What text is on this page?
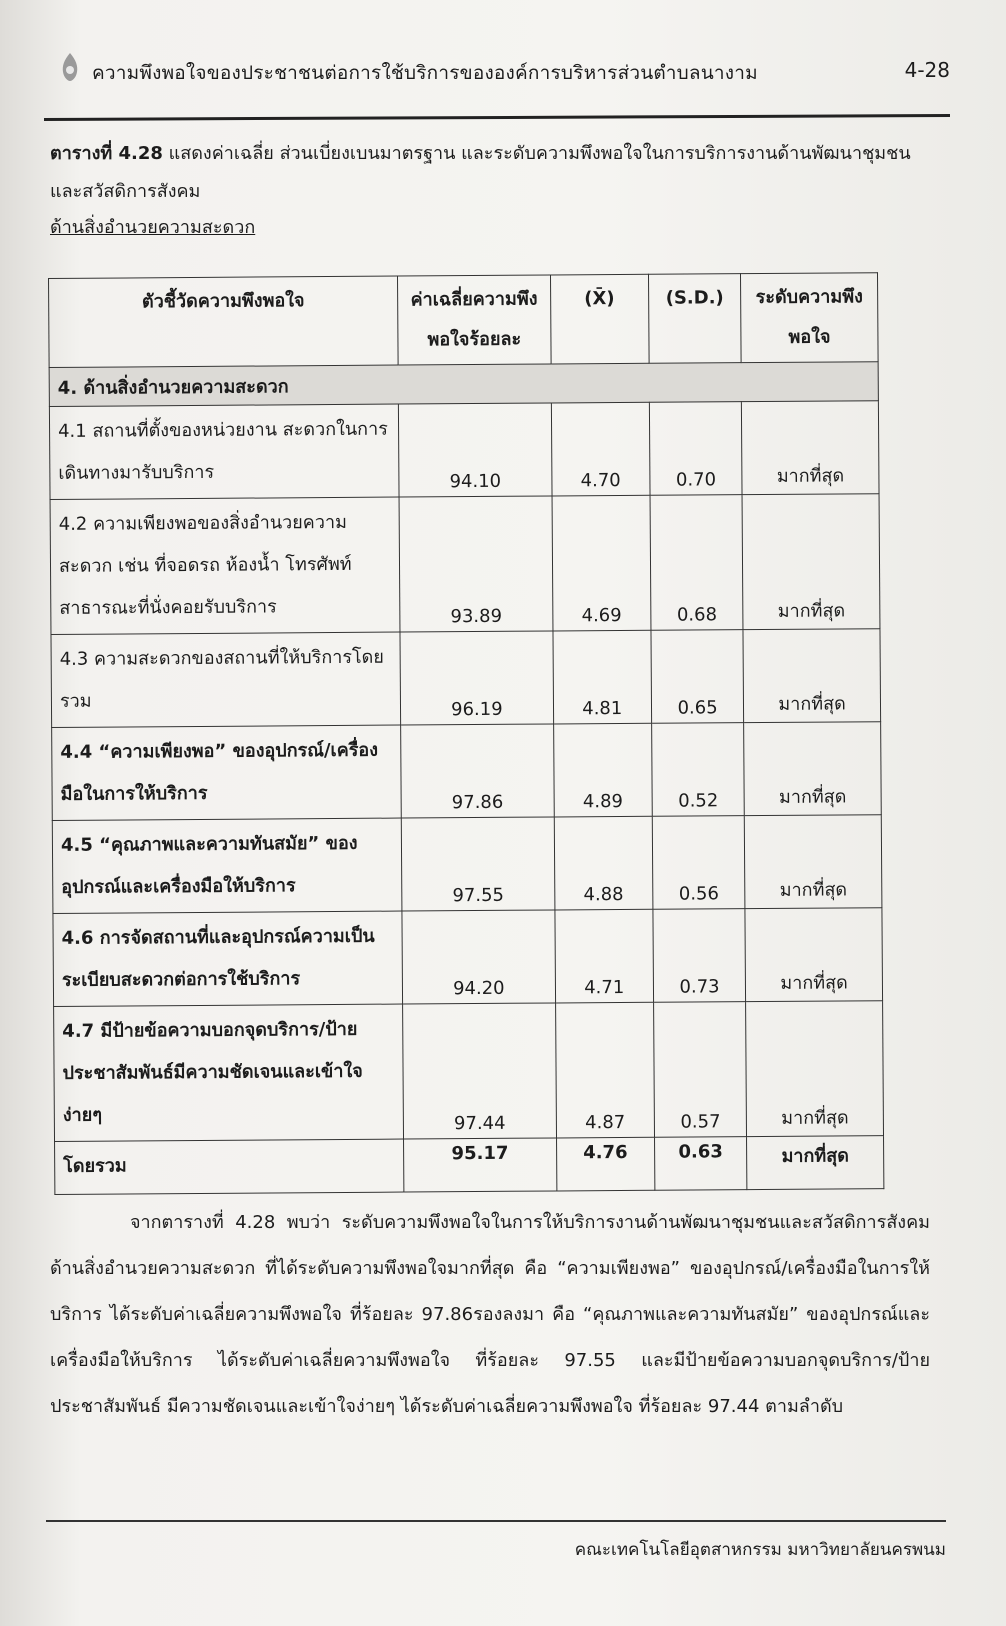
ความพึงพอใจของประชาชนต่อการใช้บริการขององค์การบริหารส่วนตำบลนางาม	4-28
ตารางที่ 4.28 แสดงค่าเฉลี่ย ส่วนเบี่ยงเบนมาตรฐาน และระดับความพึงพอใจในการบริการงานด้านพัฒนาชุมชนและสวัสดิการสังคม
ด้านสิ่งอำนวยความสะดวก
ตัวชี้วัดความพึงพอใจ	ค่าเฉลี่ยความพึงพอใจร้อยละ	(X̄)	(S.D.)	ระดับความพึงพอใจ
4. ด้านสิ่งอำนวยความสะดวก				
4.1 สถานที่ตั้งของหน่วยงาน สะดวกในการเดินทางมารับบริการ	94.10	4.70	0.70	มากที่สุด
4.2 ความเพียงพอของสิ่งอำนวยความสะดวก เช่น ที่จอดรถ ห้องน้ำ โทรศัพท์สาธารณะที่นั่งคอยรับบริการ	93.89	4.69	0.68	มากที่สุด
4.3 ความสะดวกของสถานที่ให้บริการโดยรวม	96.19	4.81	0.65	มากที่สุด
4.4 “ความเพียงพอ” ของอุปกรณ์/เครื่องมือในการให้บริการ	97.86	4.89	0.52	มากที่สุด
4.5 “คุณภาพและความทันสมัย” ของอุปกรณ์และเครื่องมือให้บริการ	97.55	4.88	0.56	มากที่สุด
4.6 การจัดสถานที่และอุปกรณ์ความเป็นระเบียบสะดวกต่อการใช้บริการ	94.20	4.71	0.73	มากที่สุด
4.7 มีป้ายข้อความบอกจุดบริการ/ป้ายประชาสัมพันธ์มีความชัดเจนและเข้าใจง่ายๆ	97.44	4.87	0.57	มากที่สุด
โดยรวม	95.17	4.76	0.63	มากที่สุด
จากตารางที่ 4.28 พบว่า ระดับความพึงพอใจในการให้บริการงานด้านพัฒนาชุมชนและสวัสดิการสังคม ด้านสิ่งอำนวยความสะดวก ที่ได้ระดับความพึงพอใจมากที่สุด คือ “ความเพียงพอ” ของอุปกรณ์/เครื่องมือในการให้บริการ ได้ระดับค่าเฉลี่ยความพึงพอใจ ที่ร้อยละ 97.86รองลงมา คือ “คุณภาพและความทันสมัย” ของอุปกรณ์และเครื่องมือให้บริการ ได้ระดับค่าเฉลี่ยความพึงพอใจ ที่ร้อยละ 97.55 และมีป้ายข้อความบอกจุดบริการ/ป้ายประชาสัมพันธ์ มีความชัดเจนและเข้าใจง่ายๆ ได้ระดับค่าเฉลี่ยความพึงพอใจ ที่ร้อยละ 97.44 ตามลำดับ
คณะเทคโนโลยีอุตสาหกรรม มหาวิทยาลัยนครพนม
